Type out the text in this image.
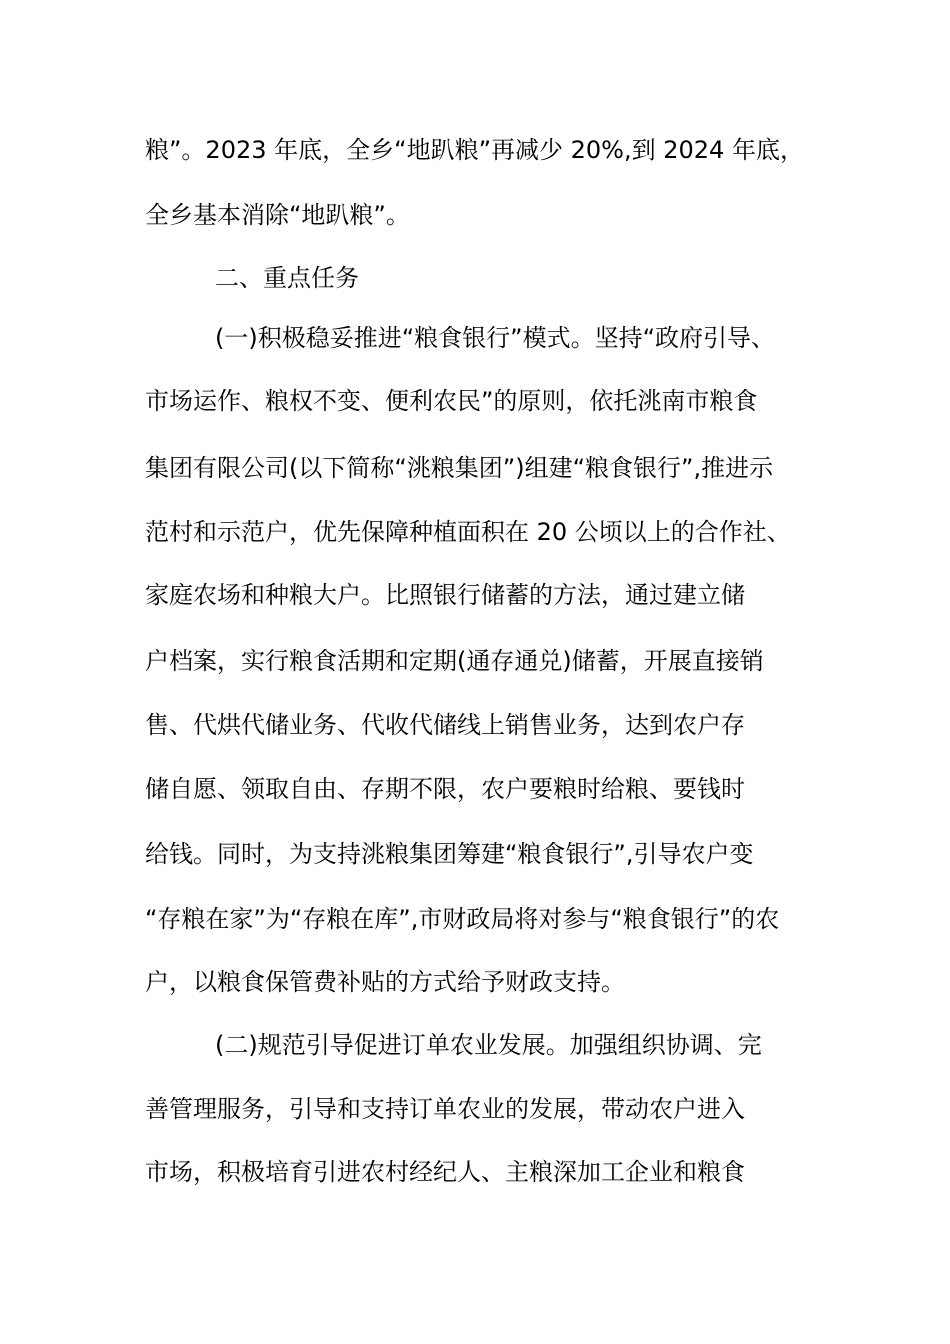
粮”。2023 年底，全乡“地趴粮”再减少 20%,到 2024 年底，

全乡基本消除“地趴粮”。

二、重点任务

(一)积极稳妥推进“粮食银行”模式。坚持“政府引导、

市场运作、粮权不变、便利农民”的原则，依托洮南市粮食

集团有限公司(以下简称“洮粮集团”)组建“粮食银行”,推进示

范村和示范户，优先保障种植面积在 20 公顷以上的合作社、

家庭农场和种粮大户。比照银行储蓄的方法，通过建立储

户档案，实行粮食活期和定期(通存通兑)储蓄，开展直接销

售、代烘代储业务、代收代储线上销售业务，达到农户存

储自愿、领取自由、存期不限，农户要粮时给粮、要钱时

给钱。同时，为支持洮粮集团筹建“粮食银行”,引导农户变

“存粮在家”为“存粮在库”,市财政局将对参与“粮食银行”的农

户，以粮食保管费补贴的方式给予财政支持。

(二)规范引导促进订单农业发展。加强组织协调、完

善管理服务，引导和支持订单农业的发展，带动农户进入

市场，积极培育引进农村经纪人、主粮深加工企业和粮食
